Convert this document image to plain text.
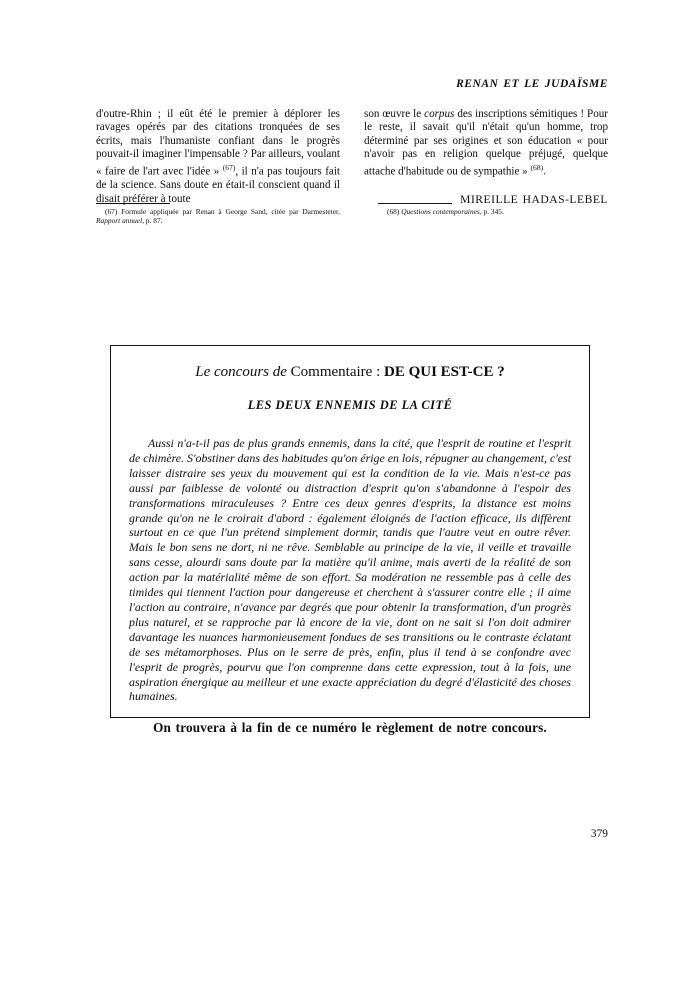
RENAN ET LE JUDAÏSME

d'outre-Rhin ; il eût été le premier à déplorer les ravages opérés par des citations tronquées de ses écrits, mais l'humaniste confiant dans le progrès pouvait-il imaginer l'impensable ? Par ailleurs, voulant « faire de l'art avec l'idée » $^{(67)}$, il n'a pas toujours fait de la science. Sans doute en était-il conscient quand il disait préférer à toute

son œuvre le corpus des inscriptions sémitiques ! Pour le reste, il savait qu'il n'était qu'un homme, trop déterminé par ses origines et son éducation « pour n'avoir pas en religion quelque préjugé, quelque attache d'habitude ou de sympathie » $^{(68)}$.

MIREILLE HADAS-LEBEL

(67) Formule appliquée par Renan à George Sand, citée par Darmesteter, Rapport annuel, p. 87.

(68) Questions contemporaines, p. 345.

Le concours de Commentaire : DE QUI EST-CE ?
LES DEUX ENNEMIS DE LA CITÉ

Aussi n'a-t-il pas de plus grands ennemis, dans la cité, que l'esprit de routine et l'esprit de chimère. S'obstiner dans des habitudes qu'on érige en lois, répugner au changement, c'est laisser distraire ses yeux du mouvement qui est la condition de la vie. Mais n'est-ce pas aussi par faiblesse de volonté ou distraction d'esprit qu'on s'abandonne à l'espoir des transformations miraculeuses ? Entre ces deux genres d'esprits, la distance est moins grande qu'on ne le croirait d'abord : également éloignés de l'action efficace, ils diffèrent surtout en ce que l'un prétend simplement dormir, tandis que l'autre veut en outre rêver. Mais le bon sens ne dort, ni ne rêve. Semblable au principe de la vie, il veille et travaille sans cesse, alourdi sans doute par la matière qu'il anime, mais averti de la réalité de son action par la matérialité même de son effort. Sa modération ne ressemble pas à celle des timides qui tiennent l'action pour dangereuse et cherchent à s'assurer contre elle ; il aime l'action au contraire, n'avance par degrés que pour obtenir la transformation, d'un progrès plus naturel, et se rapproche par là encore de la vie, dont on ne sait si l'on doit admirer davantage les nuances harmonieusement fondues de ses transitions ou le contraste éclatant de ses métamorphoses. Plus on le serre de près, enfin, plus il tend à se confondre avec l'esprit de progrès, pourvu que l'on comprenne dans cette expression, tout à la fois, une aspiration énergique au meilleur et une exacte appréciation du degré d'élasticité des choses humaines.

On trouvera à la fin de ce numéro le règlement de notre concours.

379
